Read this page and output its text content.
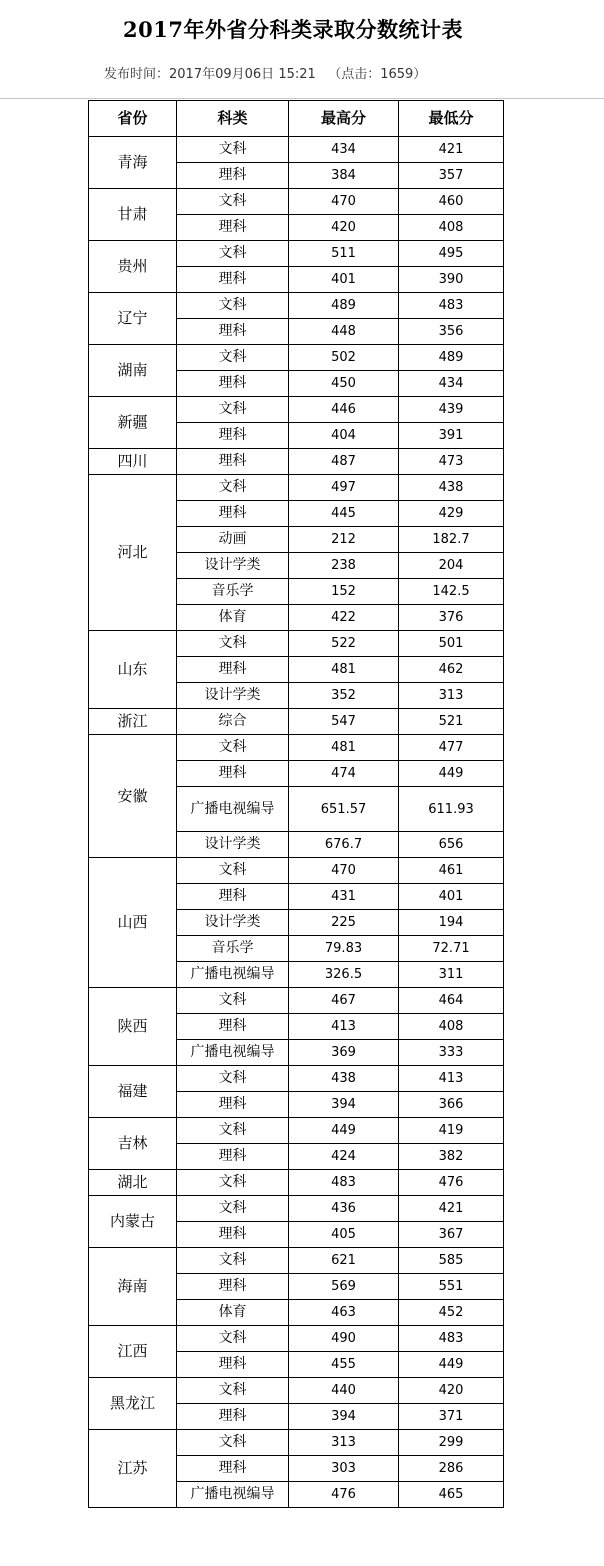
2017年外省分科类录取分数统计表
发布时间：2017年09月06日 15:21 （点击：1659）
省份	科类	最高分	最低分
青海	文科	434	421
	理科	384	357
甘肃	文科	470	460
	理科	420	408
贵州	文科	511	495
	理科	401	390
辽宁	文科	489	483
	理科	448	356
湖南	文科	502	489
	理科	450	434
新疆	文科	446	439
	理科	404	391
四川	理科	487	473
河北	文科	497	438
	理科	445	429
	动画	212	182.7
	设计学类	238	204
	音乐学	152	142.5
	体育	422	376
山东	文科	522	501
	理科	481	462
	设计学类	352	313
浙江	综合	547	521
安徽	文科	481	477
	理科	474	449
	广播电视编导	651.57	611.93
	设计学类	676.7	656
山西	文科	470	461
	理科	431	401
	设计学类	225	194
	音乐学	79.83	72.71
	广播电视编导	326.5	311
陕西	文科	467	464
	理科	413	408
	广播电视编导	369	333
福建	文科	438	413
	理科	394	366
吉林	文科	449	419
	理科	424	382
湖北	文科	483	476
内蒙古	文科	436	421
	理科	405	367
海南	文科	621	585
	理科	569	551
	体育	463	452
江西	文科	490	483
	理科	455	449
黑龙江	文科	440	420
	理科	394	371
江苏	文科	313	299
	理科	303	286
	广播电视编导	476	465
